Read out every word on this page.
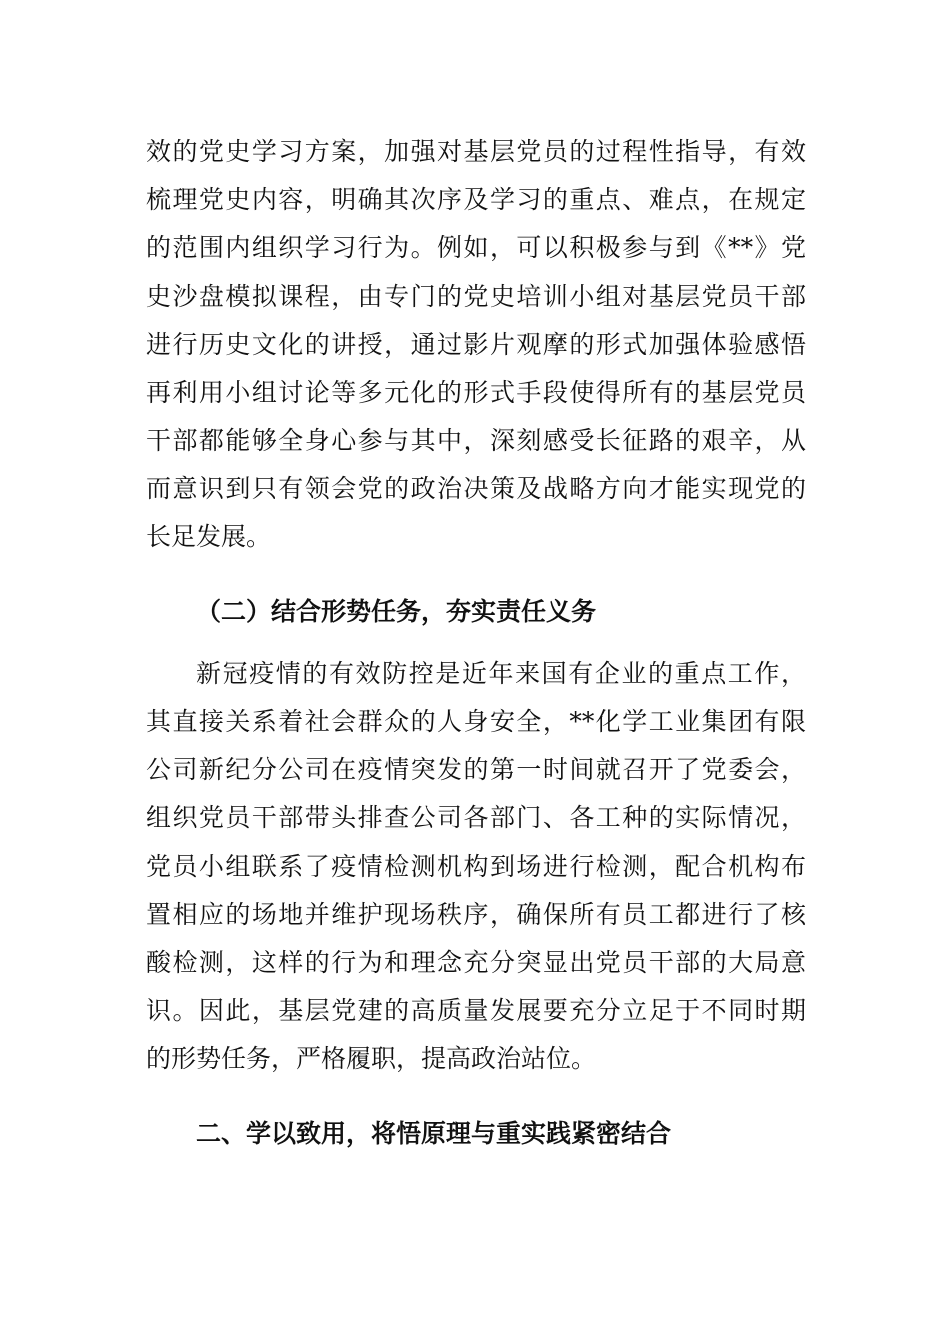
效的党史学习方案，加强对基层党员的过程性指导，有效
梳理党史内容，明确其次序及学习的重点、难点，在规定
的范围内组织学习行为。例如，可以积极参与到《**》党
史沙盘模拟课程，由专门的党史培训小组对基层党员干部
进行历史文化的讲授，通过影片观摩的形式加强体验感悟
再利用小组讨论等多元化的形式手段使得所有的基层党员
干部都能够全身心参与其中，深刻感受长征路的艰辛，从
而意识到只有领会党的政治决策及战略方向才能实现党的
长足发展。
（二）结合形势任务，夯实责任义务
新冠疫情的有效防控是近年来国有企业的重点工作，
其直接关系着社会群众的人身安全，**化学工业集团有限
公司新纪分公司在疫情突发的第一时间就召开了党委会，
组织党员干部带头排查公司各部门、各工种的实际情况，
党员小组联系了疫情检测机构到场进行检测，配合机构布
置相应的场地并维护现场秩序，确保所有员工都进行了核
酸检测，这样的行为和理念充分突显出党员干部的大局意
识。因此，基层党建的高质量发展要充分立足于不同时期
的形势任务，严格履职，提高政治站位。
二、学以致用，将悟原理与重实践紧密结合
